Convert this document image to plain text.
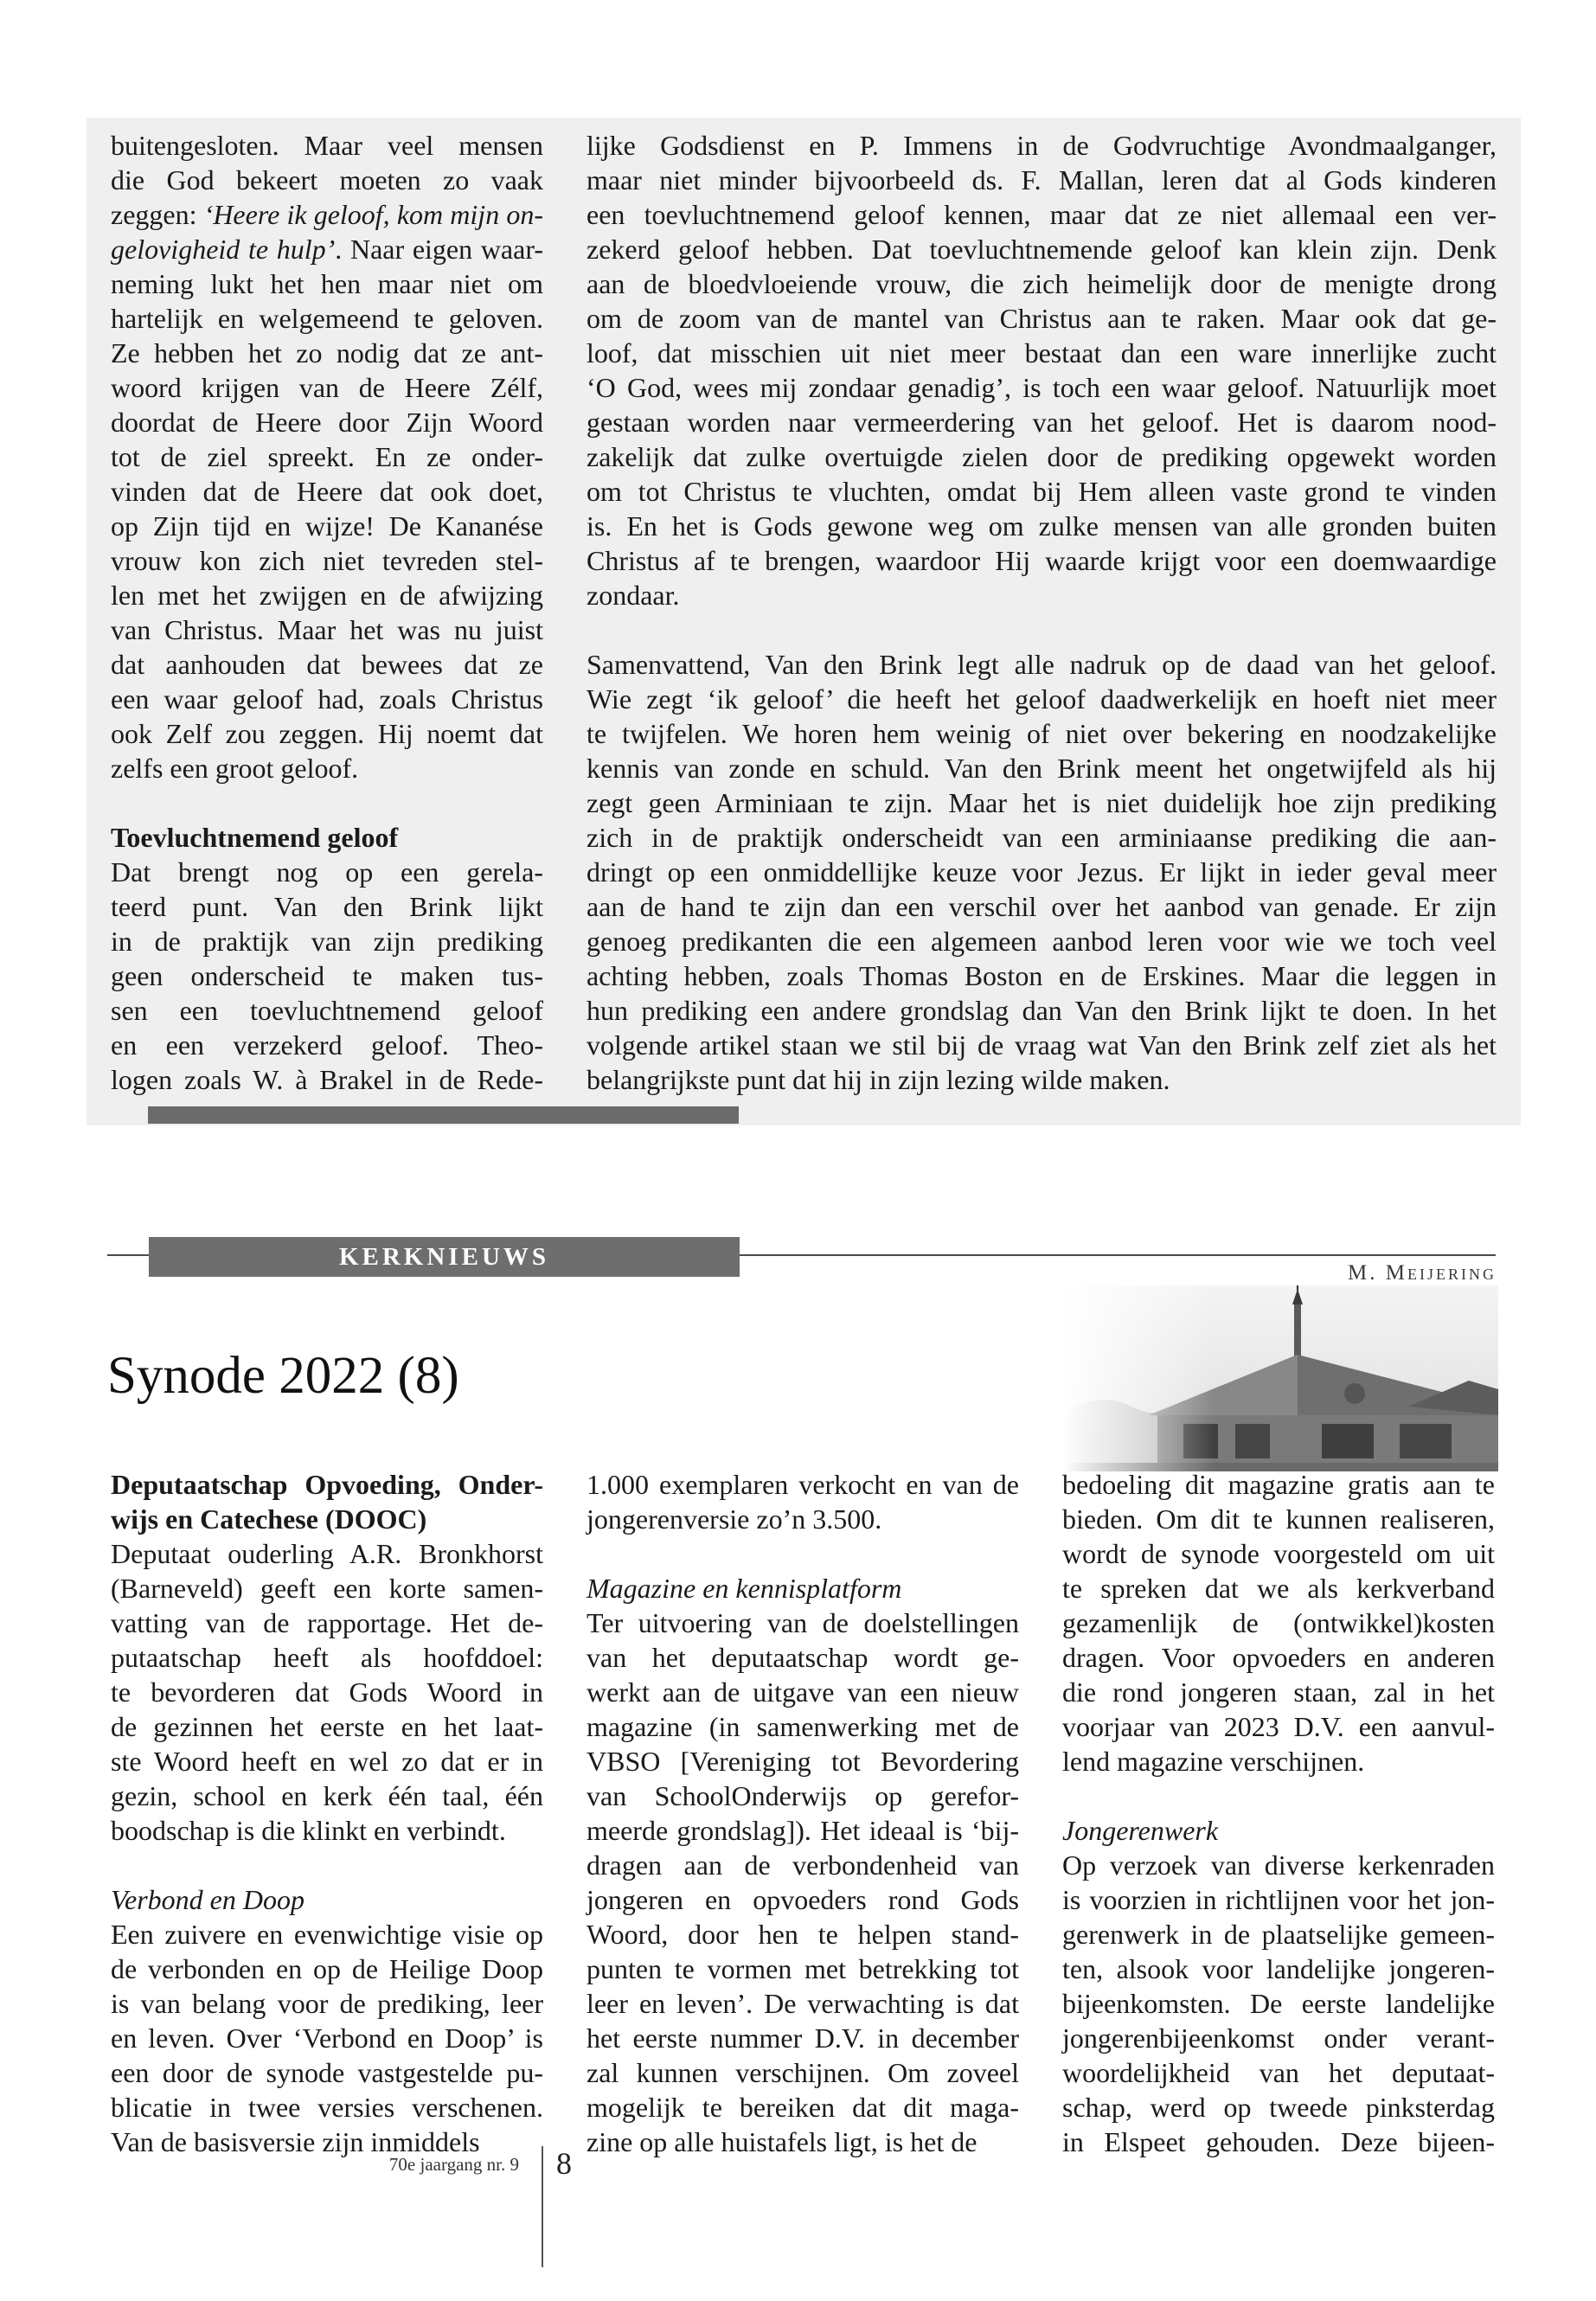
buitengesloten. Maar veel mensen
die God bekeert moeten zo vaak
zeggen: ‘Heere ik geloof, kom mijn on-
gelovigheid te hulp’. Naar eigen waar-
neming lukt het hen maar niet om
hartelijk en welgemeend te geloven.
Ze hebben het zo nodig dat ze ant-
woord krijgen van de Heere Zélf,
doordat de Heere door Zijn Woord
tot de ziel spreekt. En ze onder-
vinden dat de Heere dat ook doet,
op Zijn tijd en wijze! De Kananése
vrouw kon zich niet tevreden stel-
len met het zwijgen en de afwijzing
van Christus. Maar het was nu juist
dat aanhouden dat bewees dat ze
een waar geloof had, zoals Christus
ook Zelf zou zeggen. Hij noemt dat
zelfs een groot geloof.

Toevluchtnemend geloof

Dat brengt nog op een gerela-
teerd punt. Van den Brink lijkt
in de praktijk van zijn prediking
geen onderscheid te maken tus-
sen een toevluchtnemend geloof
en een verzekerd geloof. Theo-
logen zoals W. à Brakel in de Rede-
lijke Godsdienst en P. Immens in de Godvruchtige Avondmaalganger,
maar niet minder bijvoorbeeld ds. F. Mallan, leren dat al Gods kinderen
een toevluchtnemend geloof kennen, maar dat ze niet allemaal een ver-
zekerd geloof hebben. Dat toevluchtnemende geloof kan klein zijn. Denk
aan de bloedvloeiende vrouw, die zich heimelijk door de menigte drong
om de zoom van de mantel van Christus aan te raken. Maar ook dat ge-
loof, dat misschien uit niet meer bestaat dan een ware innerlijke zucht
‘O God, wees mij zondaar genadig’, is toch een waar geloof. Natuurlijk moet
gestaan worden naar vermeerdering van het geloof. Het is daarom nood-
zakelijk dat zulke overtuigde zielen door de prediking opgewekt worden
om tot Christus te vluchten, omdat bij Hem alleen vaste grond te vinden
is. En het is Gods gewone weg om zulke mensen van alle gronden buiten
Christus af te brengen, waardoor Hij waarde krijgt voor een doemwaardige
zondaar.
Samenvattend, Van den Brink legt alle nadruk op de daad van het geloof.
Wie zegt ‘ik geloof’ die heeft het geloof daadwerkelijk en hoeft niet meer
te twijfelen. We horen hem weinig of niet over bekering en noodzakelijke
kennis van zonde en schuld. Van den Brink meent het ongetwijfeld als hij
zegt geen Arminiaan te zijn. Maar het is niet duidelijk hoe zijn prediking
zich in de praktijk onderscheidt van een arminiaanse prediking die aan-
dringt op een onmiddellijke keuze voor Jezus. Er lijkt in ieder geval meer
aan de hand te zijn dan een verschil over het aanbod van genade. Er zijn
genoeg predikanten die een algemeen aanbod leren voor wie we toch veel
achting hebben, zoals Thomas Boston en de Erskines. Maar die leggen in
hun prediking een andere grondslag dan Van den Brink lijkt te doen. In het
volgende artikel staan we stil bij de vraag wat Van den Brink zelf ziet als het
belangrijkste punt dat hij in zijn lezing wilde maken.
KERKNIEUWS
M. Meijering
Synode 2022 (8)
Deputaatschap Opvoeding, Onder-
wijs en Catechese (DOOC)
Deputaat ouderling A.R. Bronkhorst
(Barneveld) geeft een korte samen-
vatting van de rapportage. Het de-
putaatschap heeft als hoofddoel:
te bevorderen dat Gods Woord in
de gezinnen het eerste en het laat-
ste Woord heeft en wel zo dat er in
gezin, school en kerk één taal, één
boodschap is die klinkt en verbindt.

Verbond en Doop

Een zuivere en evenwichtige visie op
de verbonden en op de Heilige Doop
is van belang voor de prediking, leer
en leven. Over ‘Verbond en Doop’ is
een door de synode vastgestelde pu-
blicatie in twee versies verschenen.
Van de basisversie zijn inmiddels
1.000 exemplaren verkocht en van de
jongerenversie zo’n 3.500.

Magazine en kennisplatform

Ter uitvoering van de doelstellingen
van het deputaatschap wordt ge-
werkt aan de uitgave van een nieuw
magazine (in samenwerking met de
VBSO [Vereniging tot Bevordering
van SchoolOnderwijs op gerefor-
meerde grondslag]). Het ideaal is ‘bij-
dragen aan de verbondenheid van
jongeren en opvoeders rond Gods
Woord, door hen te helpen stand-
punten te vormen met betrekking tot
leer en leven’. De verwachting is dat
het eerste nummer D.V. in december
zal kunnen verschijnen. Om zoveel
mogelijk te bereiken dat dit maga-
zine op alle huistafels ligt, is het de
bedoeling dit magazine gratis aan te
bieden. Om dit te kunnen realiseren,
wordt de synode voorgesteld om uit
te spreken dat we als kerkverband
gezamenlijk de (ontwikkel)kosten
dragen. Voor opvoeders en anderen
die rond jongeren staan, zal in het
voorjaar van 2023 D.V. een aanvul-
lend magazine verschijnen.

Jongerenwerk

Op verzoek van diverse kerkenraden
is voorzien in richtlijnen voor het jon-
gerenwerk in de plaatselijke gemeen-
ten, alsook voor landelijke jongeren-
bijeenkomsten. De eerste landelijke
jongerenbijeenkomst onder verant-
woordelijkheid van het deputaat-
schap, werd op tweede pinksterdag
in Elspeet gehouden. Deze bijeen-
70e jaargang nr. 9 8
